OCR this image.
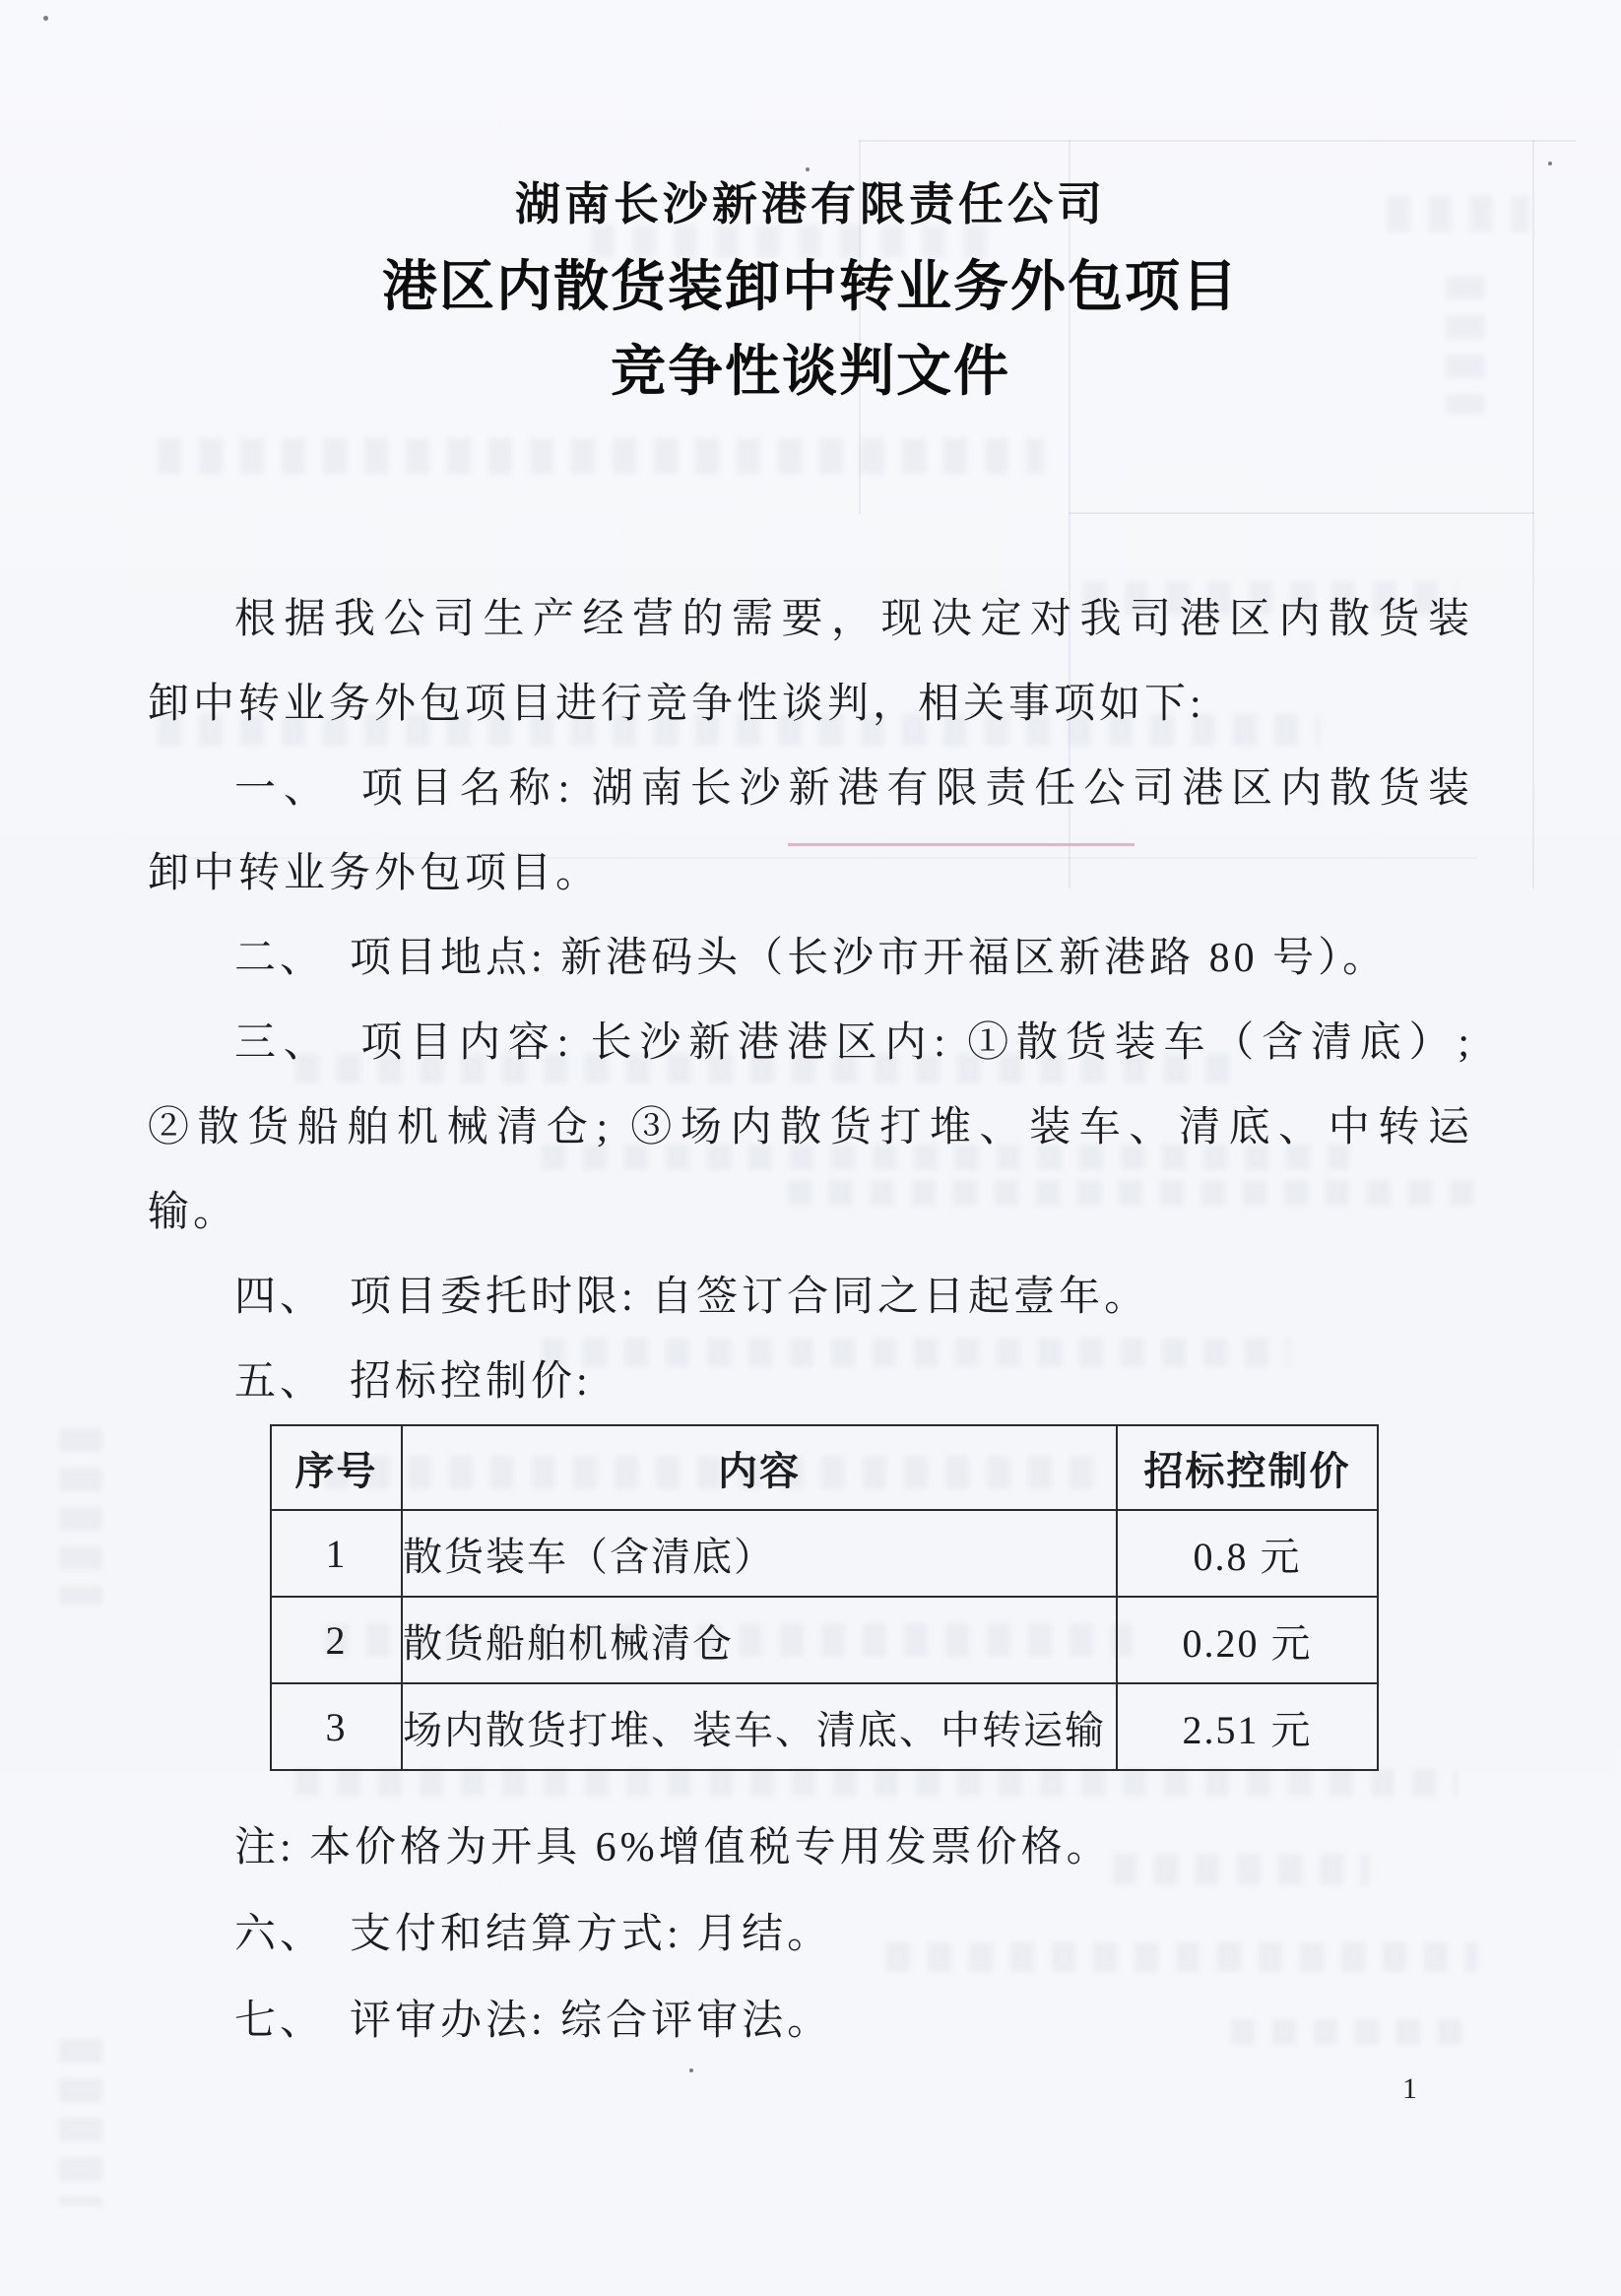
湖南长沙新港有限责任公司
港区内散货装卸中转业务外包项目
竞争性谈判文件
根据我公司生产经营的需要，现决定对我司港区内散货装
卸中转业务外包项目进行竞争性谈判，相关事项如下:
一、　项目名称: 湖南长沙新港有限责任公司港区内散货装
卸中转业务外包项目。
二、　项目地点: 新港码头（长沙市开福区新港路 80 号）。
三、　项目内容: 长沙新港港区内: ①散货装车（含清底）;
②散货船舶机械清仓; ③场内散货打堆、装车、清底、中转运
输。
四、　项目委托时限: 自签订合同之日起壹年。
五、　招标控制价:
序号	内容	招标控制价
1	散货装车（含清底）	0.8 元
2	散货船舶机械清仓	0.20 元
3	场内散货打堆、装车、清底、中转运输	2.51 元
注: 本价格为开具 6%增值税专用发票价格。
六、　支付和结算方式: 月结。
七、　评审办法: 综合评审法。
1
